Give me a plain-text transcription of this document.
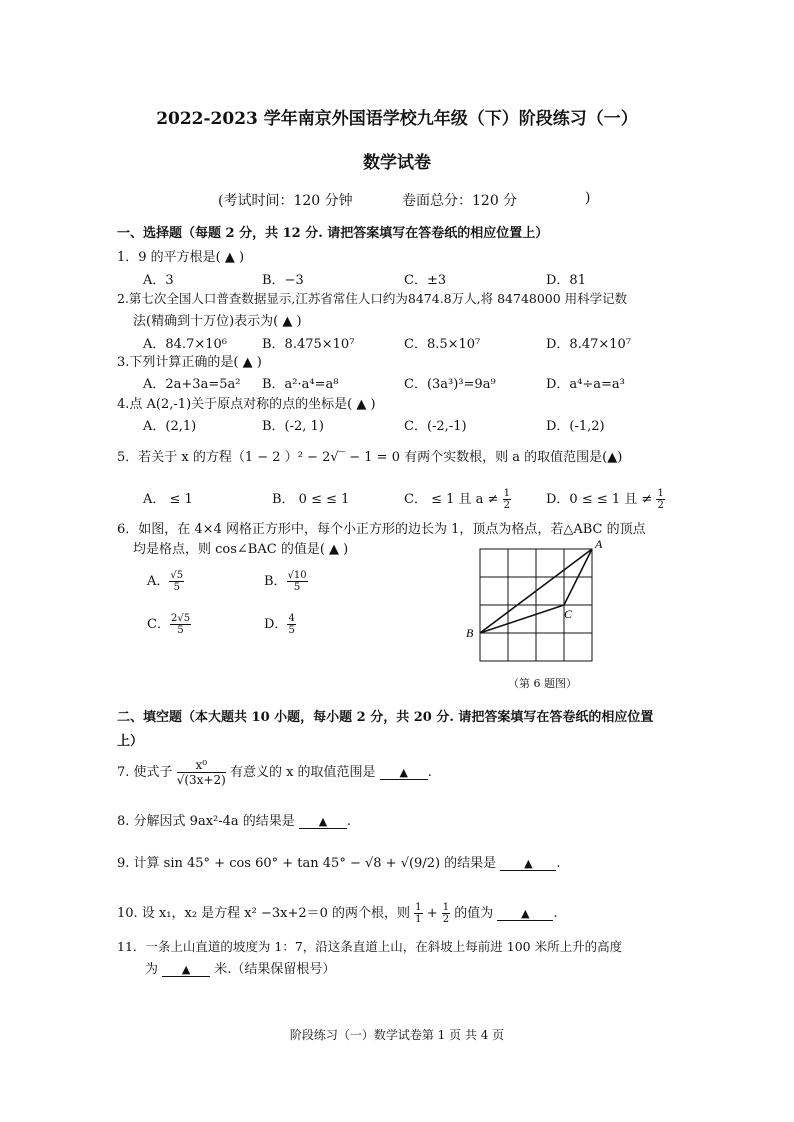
2022-2023 学年南京外国语学校九年级（下）阶段练习（一）
数学试卷
(考试时间：120 分钟	卷面总分：120 分	)
一、选择题（每题 2 分，共 12 分. 请把答案填写在答卷纸的相应位置上）
1．9 的平方根是( ▲ )
A．3	B．−3	C．±3	D．81
2.第七次全国人口普查数据显示,江苏省常住人口约为8474.8万人,将 84748000 用科学记数
法(精确到十万位)表示为( ▲ )
A．84.7×10⁶	B．8.475×10⁷	C．8.5×10⁷	D．8.47×10⁷
3.下列计算正确的是( ▲ )
A．2a+3a=5a² B．a²·a⁴=a⁸	C．(3a³)³=9a⁹	D．a⁴÷a=a³
4.点 A(2,-1)关于原点对称的点的坐标是( ▲ )
A．(2,1)	B．(-2, 1)	C．(-2,-1)	D．(-1,2)
5．若关于 x 的方程（1 − 2 ）² − 2√‾ − 1 = 0 有两个实数根，则 a 的取值范围是(▲)
A． ≤ 1	B． 0 ≤ ≤ 1	C． ≤ 1 且 $a \ne \frac{1}{2}$	D．0 ≤ ≤ 1 且 ≠ $\frac{1}{2}$
6．如图，在 4×4 网格正方形中，每个小正方形的边长为 1，顶点为格点，若△ABC 的顶点
均是格点，则 cos∠BAC 的值是( ▲ )
A． $\frac{√5}{5}$	B． $\frac{√10}{5}$
C． $\frac{2√5}{5}$	D． $\frac{4}{5}$
A
B
C
（第 6 题图）
二、填空题（本大题共 10 小题，每小题 2 分，共 20 分. 请把答案填写在答卷纸的相应位置
上）
7. 使式子 $\frac{\text{x⁰}}{√(3x+2)}$ 有意义的 x 的取值范围是 ▲ .
8. 分解因式 9ax²-4a 的结果是 ▲ .
9. 计算 sin 45° + cos 60° + tan 45° − √8 + √(9/2) 的结果是	▲ .
10. 设 x₁，x₂ 是方程 x² −3x+2＝0 的两个根，则 $\frac{1}{1} + \frac{1}{2}$ 的值为	▲ .
11．一条上山直道的坡度为 1：7，沿这条直道上山，在斜坡上每前进 100 米所上升的高度
为 ▲ 米.（结果保留根号）
阶段练习（一）数学试卷第 1 页 共 4 页
